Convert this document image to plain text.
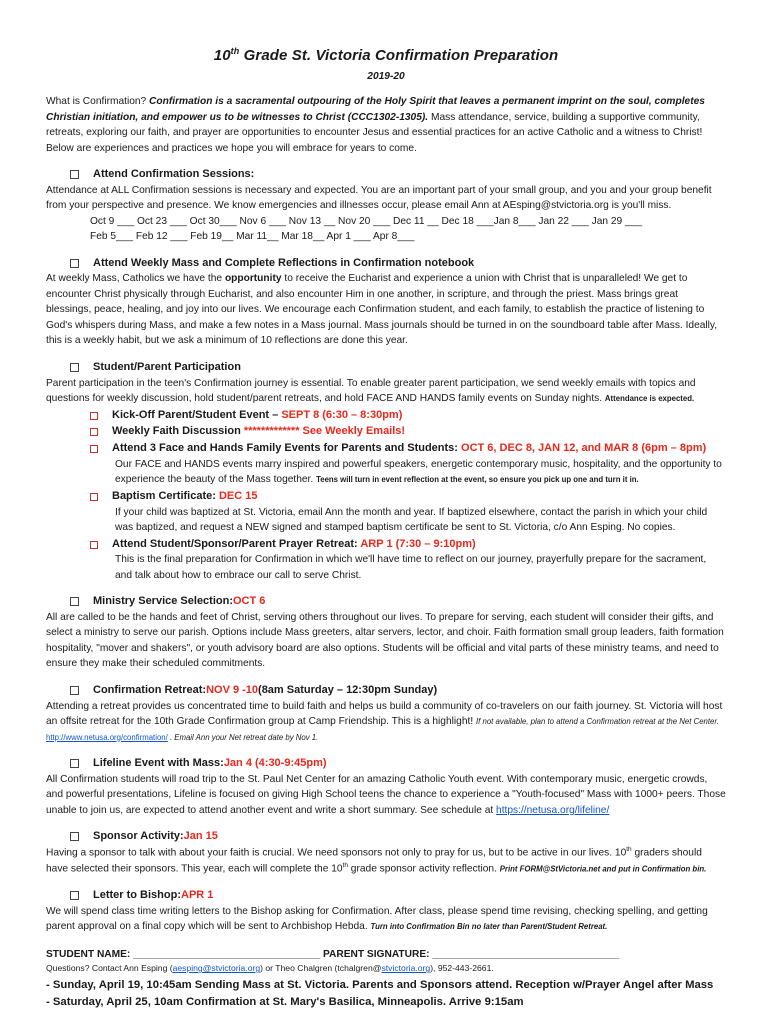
10th Grade St. Victoria Confirmation Preparation
2019-20

What is Confirmation? Confirmation is a sacramental outpouring of the Holy Spirit that leaves a permanent imprint on the soul, completes Christian initiation, and empower us to be witnesses to Christ (CCC1302-1305). Mass attendance, service, building a supportive community, retreats, exploring our faith, and prayer are opportunities to encounter Jesus and essential practices for an active Catholic and a witness to Christ! Below are experiences and practices we hope you will embrace for years to come.

Attend Confirmation Sessions:

Attendance at ALL Confirmation sessions is necessary and expected. You are an important part of your small group, and you and your group benefit from your perspective and presence. We know emergencies and illnesses occur, please email Ann at AEsping@stvictoria.org is you'll miss.

Oct 9 ___ Oct 23 ___ Oct 30___ Nov 6 ___ Nov 13 __ Nov 20 ___ Dec 11 __ Dec 18 ___Jan 8___ Jan 22 ___ Jan 29 ___

Feb 5___ Feb 12 ___ Feb 19__ Mar 11__ Mar 18__ Apr 1 ___ Apr 8___

Attend Weekly Mass and Complete Reflections in Confirmation notebook

At weekly Mass, Catholics we have the opportunity to receive the Eucharist and experience a union with Christ that is unparalleled! We get to encounter Christ physically through Eucharist, and also encounter Him in one another, in scripture, and through the priest. Mass brings great blessings, peace, healing, and joy into our lives. We encourage each Confirmation student, and each family, to establish the practice of listening to God's whispers during Mass, and make a few notes in a Mass journal. Mass journals should be turned in on the soundboard table after Mass. Ideally, this is a weekly habit, but we ask a minimum of 10 reflections are done this year.

Student/Parent Participation

Parent participation in the teen's Confirmation journey is essential. To enable greater parent participation, we send weekly emails with topics and questions for weekly discussion, hold student/parent retreats, and hold FACE AND HANDS family events on Sunday nights. Attendance is expected.

Kick-Off Parent/Student Event – SEPT 8 (6:30 – 8:30pm)
Weekly Faith Discussion ************* See Weekly Emails!
Attend 3 Face and Hands Family Events for Parents and Students: OCT 6, DEC 8, JAN 12, and MAR 8 (6pm – 8pm)

Our FACE and HANDS events marry inspired and powerful speakers, energetic contemporary music, hospitality, and the opportunity to experience the beauty of the Mass together. Teens will turn in event reflection at the event, so ensure you pick up one and turn it in.

Baptism Certificate: DEC 15

If your child was baptized at St. Victoria, email Ann the month and year. If baptized elsewhere, contact the parish in which your child was baptized, and request a NEW signed and stamped baptism certificate be sent to St. Victoria, c/o Ann Esping. No copies.

Attend Student/Sponsor/Parent Prayer Retreat: ARP 1 (7:30 – 9:10pm)

This is the final preparation for Confirmation in which we'll have time to reflect on our journey, prayerfully prepare for the sacrament, and talk about how to embrace our call to serve Christ.

Ministry Service Selection: OCT 6

All are called to be the hands and feet of Christ, serving others throughout our lives. To prepare for serving, each student will consider their gifts, and select a ministry to serve our parish. Options include Mass greeters, altar servers, lector, and choir. Faith formation small group leaders, faith formation hospitality, "mover and shakers", or youth advisory board are also options. Students will be official and vital parts of these ministry teams, and need to ensure they make their scheduled commitments.

Confirmation Retreat: NOV 9 -10 (8am Saturday – 12:30pm Sunday)

Attending a retreat provides us concentrated time to build faith and helps us build a community of co-travelers on our faith journey. St. Victoria will host an offsite retreat for the 10th Grade Confirmation group at Camp Friendship. This is a highlight! If not available, plan to attend a Confirmation retreat at the Net Center. http://www.netusa.org/confirmation/ . Email Ann your Net retreat date by Nov 1.

Lifeline Event with Mass: Jan 4 (4:30-9:45pm)

All Confirmation students will road trip to the St. Paul Net Center for an amazing Catholic Youth event. With contemporary music, energetic crowds, and powerful presentations, Lifeline is focused on giving High School teens the chance to experience a "Youth-focused" Mass with 1000+ peers. Those unable to join us, are expected to attend another event and write a short summary. See schedule at https://netusa.org/lifeline/

Sponsor Activity: Jan 15

Having a sponsor to talk with about your faith is crucial. We need sponsors not only to pray for us, but to be active in our lives. 10th graders should have selected their sponsors. This year, each will complete the 10th grade sponsor activity reflection. Print FORM@StVictoria.net and put in Confirmation bin.

Letter to Bishop: APR 1

We will spend class time writing letters to the Bishop asking for Confirmation. After class, please spend time revising, checking spelling, and getting parent approval on a final copy which will be sent to Archbishop Hebda. Turn into Confirmation Bin no later than Parent/Student Retreat.

STUDENT NAME: _________________________________ PARENT SIGNATURE: _________________________________

Questions? Contact Ann Esping (aesping@stvictoria.org) or Theo Chalgren (tchalgren@stvictoria.org), 952-443-2661.

- Sunday, April 19, 10:45am Sending Mass at St. Victoria. Parents and Sponsors attend. Reception w/Prayer Angel after Mass

- Saturday, April 25, 10am Confirmation at St. Mary's Basilica, Minneapolis. Arrive 9:15am
